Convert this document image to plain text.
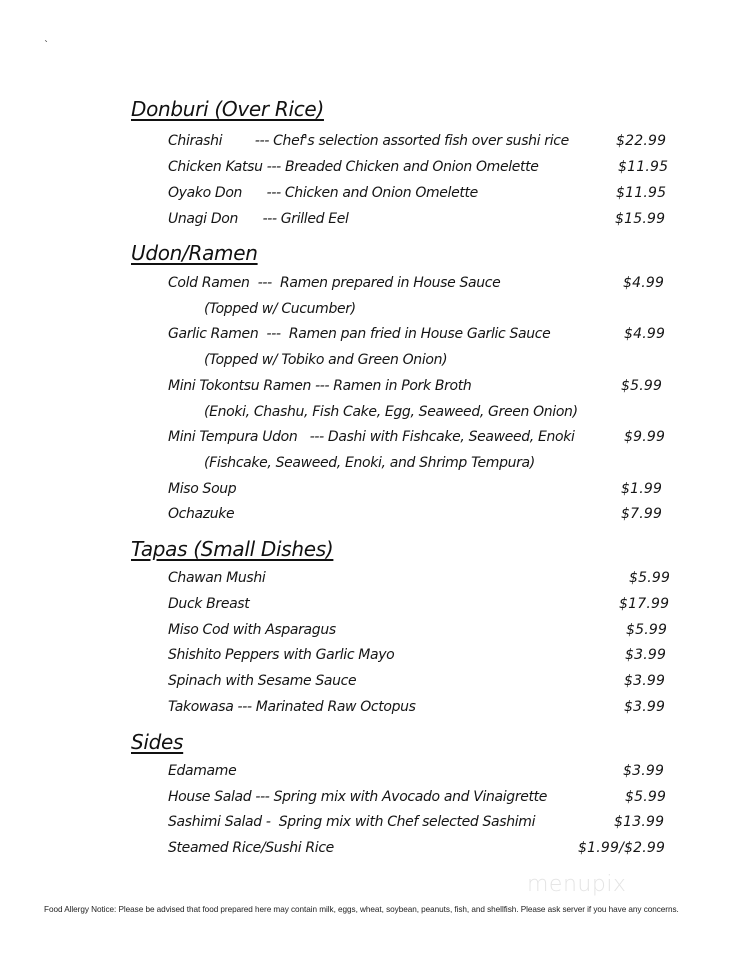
`
Donburi (Over Rice)
Chirashi        --- Chef's selection assorted fish over sushi rice	$22.99
Chicken Katsu --- Breaded Chicken and Onion Omelette	$11.95
Oyako Don      --- Chicken and Onion Omelette	$11.95
Unagi Don      --- Grilled Eel	$15.99
Udon/Ramen
Cold Ramen  ---  Ramen prepared in House Sauce	$4.99
(Topped w/ Cucumber)
Garlic Ramen  ---  Ramen pan fried in House Garlic Sauce	$4.99
(Topped w/ Tobiko and Green Onion)
Mini Tokontsu Ramen --- Ramen in Pork Broth	$5.99
(Enoki, Chashu, Fish Cake, Egg, Seaweed, Green Onion)
Mini Tempura Udon   --- Dashi with Fishcake, Seaweed, Enoki	$9.99
(Fishcake, Seaweed, Enoki, and Shrimp Tempura)
Miso Soup	$1.99
Ochazuke	$7.99
Tapas (Small Dishes)
Chawan Mushi	$5.99
Duck Breast	$17.99
Miso Cod with Asparagus	$5.99
Shishito Peppers with Garlic Mayo	$3.99
Spinach with Sesame Sauce	$3.99
Takowasa --- Marinated Raw Octopus	$3.99
Sides
Edamame	$3.99
House Salad --- Spring mix with Avocado and Vinaigrette	$5.99
Sashimi Salad -  Spring mix with Chef selected Sashimi	$13.99
Steamed Rice/Sushi Rice	$1.99/$2.99
menupix
Food Allergy Notice: Please be advised that food prepared here may contain milk, eggs, wheat, soybean, peanuts, fish, and shellfish. Please ask server if you have any concerns.
